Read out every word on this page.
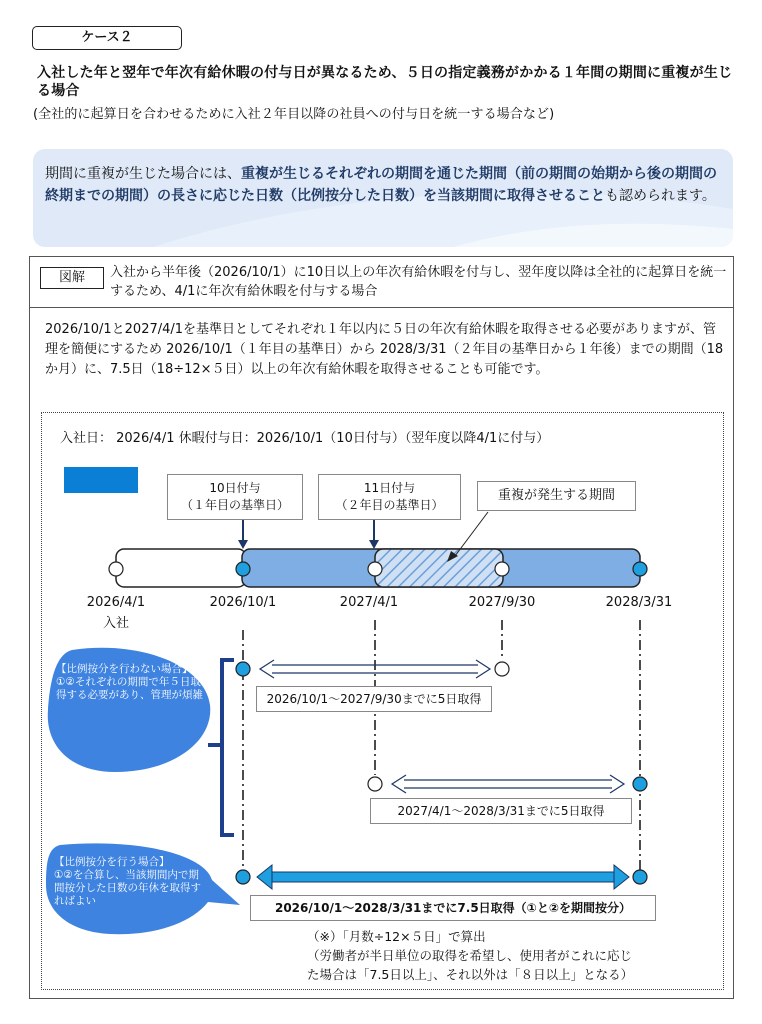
ケース２
入社した年と翌年で年次有給休暇の付与日が異なるため、５日の指定義務がかかる１年間の期間に重複が生じる場合
(全社的に起算日を合わせるために入社２年目以降の社員への付与日を統一する場合など)
期間に重複が生じた場合には、重複が生じるそれぞれの期間を通じた期間（前の期間の始期から後の期間の終期までの期間）の長さに応じた日数（比例按分した日数）を当該期間に取得させることも認められます。
図解	入社から半年後（2026/10/1）に10日以上の年次有給休暇を付与し、翌年度以降は全社的に起算日を統一するため、4/1に年次有給休暇を付与する場合
2026/10/1と2027/4/1を基準日としてそれぞれ１年以内に５日の年次有給休暇を取得させる必要がありますが、管理を簡便にするため 2026/10/1（１年目の基準日）から 2028/3/31（２年目の基準日から１年後）までの期間（18か月）に、7.5日（18÷12×５日）以上の年次有給休暇を取得させることも可能です。
入社日： 2026/4/1 休暇付与日：2026/10/1（10日付与）（翌年度以降4/1に付与）
10日付与
（１年目の基準日）
11日付与
（２年目の基準日）
重複が発生する期間
2026/4/1
入社
2026/10/1	2027/4/1	2027/9/30	2028/3/31
【比例按分を行わない場合】
①②それぞれの期間で年５日取得する必要があり、管理が煩雑
【比例按分を行う場合】
①②を合算し、当該期間内で期間按分した日数の年休を取得すればよい
2026/10/1～2027/9/30までに5日取得
2027/4/1～2028/3/31までに5日取得
2026/10/1～2028/3/31までに7.5日取得（①と②を期間按分）
（※）「月数÷12×５日」で算出
（労働者が半日単位の取得を希望し、使用者がこれに応じ
た場合は「7.5日以上」、それ以外は「８日以上」となる）
